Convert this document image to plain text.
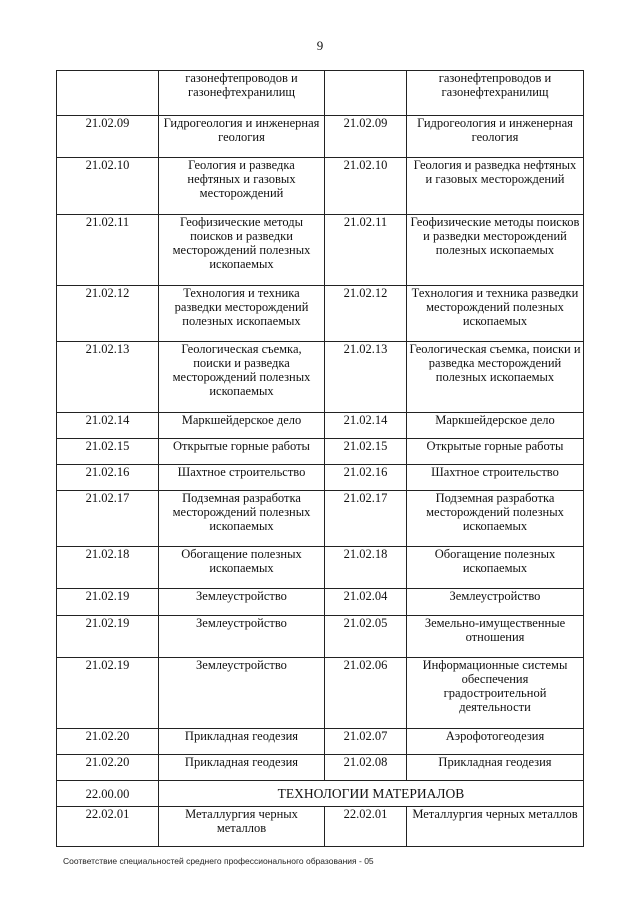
9
	газонефтепроводов и газонефтехранилищ		газонефтепроводов и газонефтехранилищ
21.02.09	Гидрогеология и инженерная геология	21.02.09	Гидрогеология и инженерная геология
21.02.10	Геология и разведка нефтяных и газовых месторождений	21.02.10	Геология и разведка нефтяных и газовых месторождений
21.02.11	Геофизические методы поисков и разведки месторождений полезных ископаемых	21.02.11	Геофизические методы поисков и разведки месторождений полезных ископаемых
21.02.12	Технология и техника разведки месторождений полезных ископаемых	21.02.12	Технология и техника разведки месторождений полезных ископаемых
21.02.13	Геологическая съемка, поиски и разведка месторождений полезных ископаемых	21.02.13	Геологическая съемка, поиски и разведка месторождений полезных ископаемых
21.02.14	Маркшейдерское дело	21.02.14	Маркшейдерское дело
21.02.15	Открытые горные работы	21.02.15	Открытые горные работы
21.02.16	Шахтное строительство	21.02.16	Шахтное строительство
21.02.17	Подземная разработка месторождений полезных ископаемых	21.02.17	Подземная разработка месторождений полезных ископаемых
21.02.18	Обогащение полезных ископаемых	21.02.18	Обогащение полезных ископаемых
21.02.19	Землеустройство	21.02.04	Землеустройство
21.02.19	Землеустройство	21.02.05	Земельно-имущественные отношения
21.02.19	Землеустройство	21.02.06	Информационные системы обеспечения градостроительной деятельности
21.02.20	Прикладная геодезия	21.02.07	Аэрофотогеодезия
21.02.20	Прикладная геодезия	21.02.08	Прикладная геодезия
22.00.00	ТЕХНОЛОГИИ МАТЕРИАЛОВ		
22.02.01	Металлургия черных металлов	22.02.01	Металлургия черных металлов
Соответствие специальностей среднего профессионального образования - 05
